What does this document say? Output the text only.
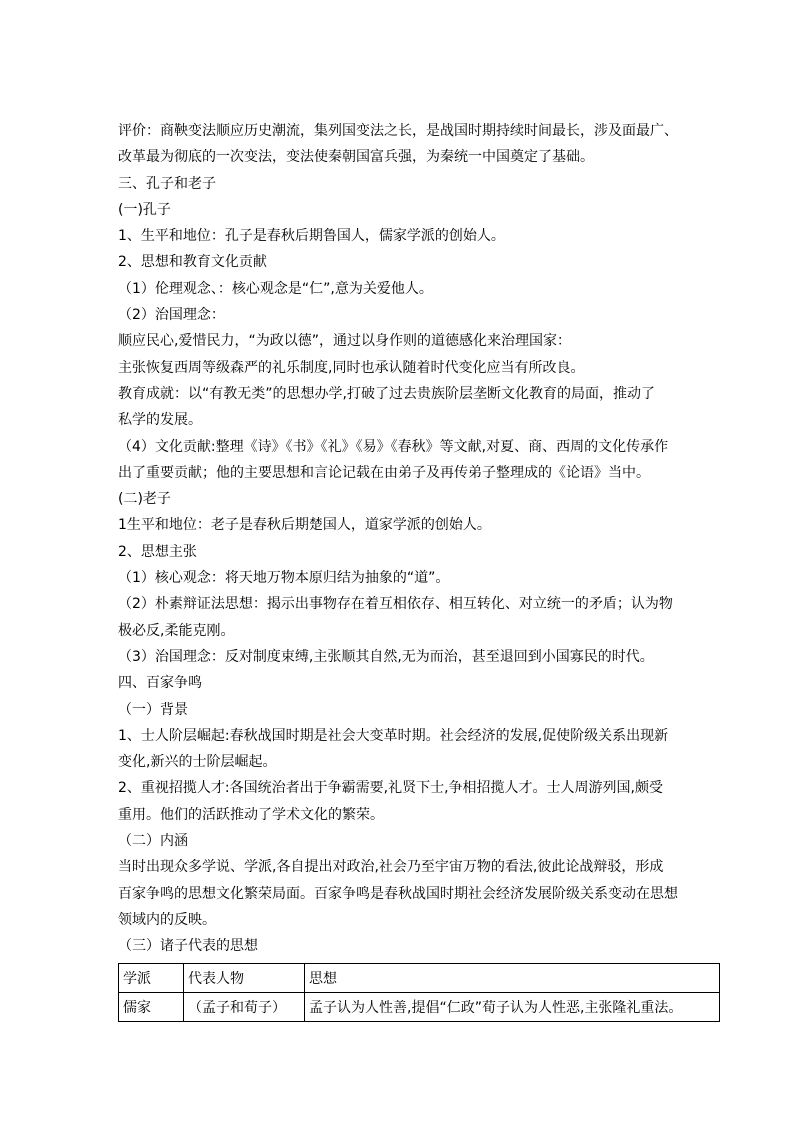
评价：商鞅变法顺应历史潮流，集列国变法之长，是战国时期持续时间最长，涉及面最广、

改革最为彻底的一次变法，变法使秦朝国富兵强，为秦统一中国奠定了基础。

三、孔子和老子

(一)孔子

1、生平和地位：孔子是春秋后期鲁国人，儒家学派的创始人。

2、思想和教育文化贡献

（1）伦理观念、：核心观念是“仁”,意为关爱他人。

（2）治国理念：

顺应民心,爱惜民力，“为政以德”，通过以身作则的道德感化来治理国家：

主张恢复西周等级森严的礼乐制度,同时也承认随着时代变化应当有所改良。

教育成就：以“有教无类”的思想办学,打破了过去贵族阶层垄断文化教育的局面，推动了

私学的发展。

（4）文化贡献:整理《诗》《书》《礼》《易》《春秋》等文献,对夏、商、西周的文化传承作

出了重要贡献；他的主要思想和言论记载在由弟子及再传弟子整理成的《论语》当中。

(二)老子

1生平和地位：老子是春秋后期楚国人，道家学派的创始人。

2、思想主张

（1）核心观念：将天地万物本原归结为抽象的“道”。

（2）朴素辩证法思想：揭示出事物存在着互相依存、相互转化、对立统一的矛盾；认为物

极必反,柔能克刚。

（3）治国理念：反对制度束缚,主张顺其自然,无为而治，甚至退回到小国寡民的时代。

四、百家争鸣

（一）背景

1、士人阶层崛起:春秋战国时期是社会大变革时期。社会经济的发展,促使阶级关系出现新

变化,新兴的士阶层崛起。

2、重视招揽人才:各国统治者出于争霸需要,礼贤下士,争相招揽人才。士人周游列国,颇受

重用。他们的活跃推动了学术文化的繁荣。

（二）内涵

当时出现众多学说、学派,各自提出对政治,社会乃至宇宙万物的看法,彼此论战辩驳，形成

百家争鸣的思想文化繁荣局面。百家争鸣是春秋战国时期社会经济发展阶级关系变动在思想

领域内的反映。

（三）诸子代表的思想

学派	代表人物	思想
儒家	（孟子和荀子）	孟子认为人性善,提倡“仁政”荀子认为人性恶,主张隆礼重法。
